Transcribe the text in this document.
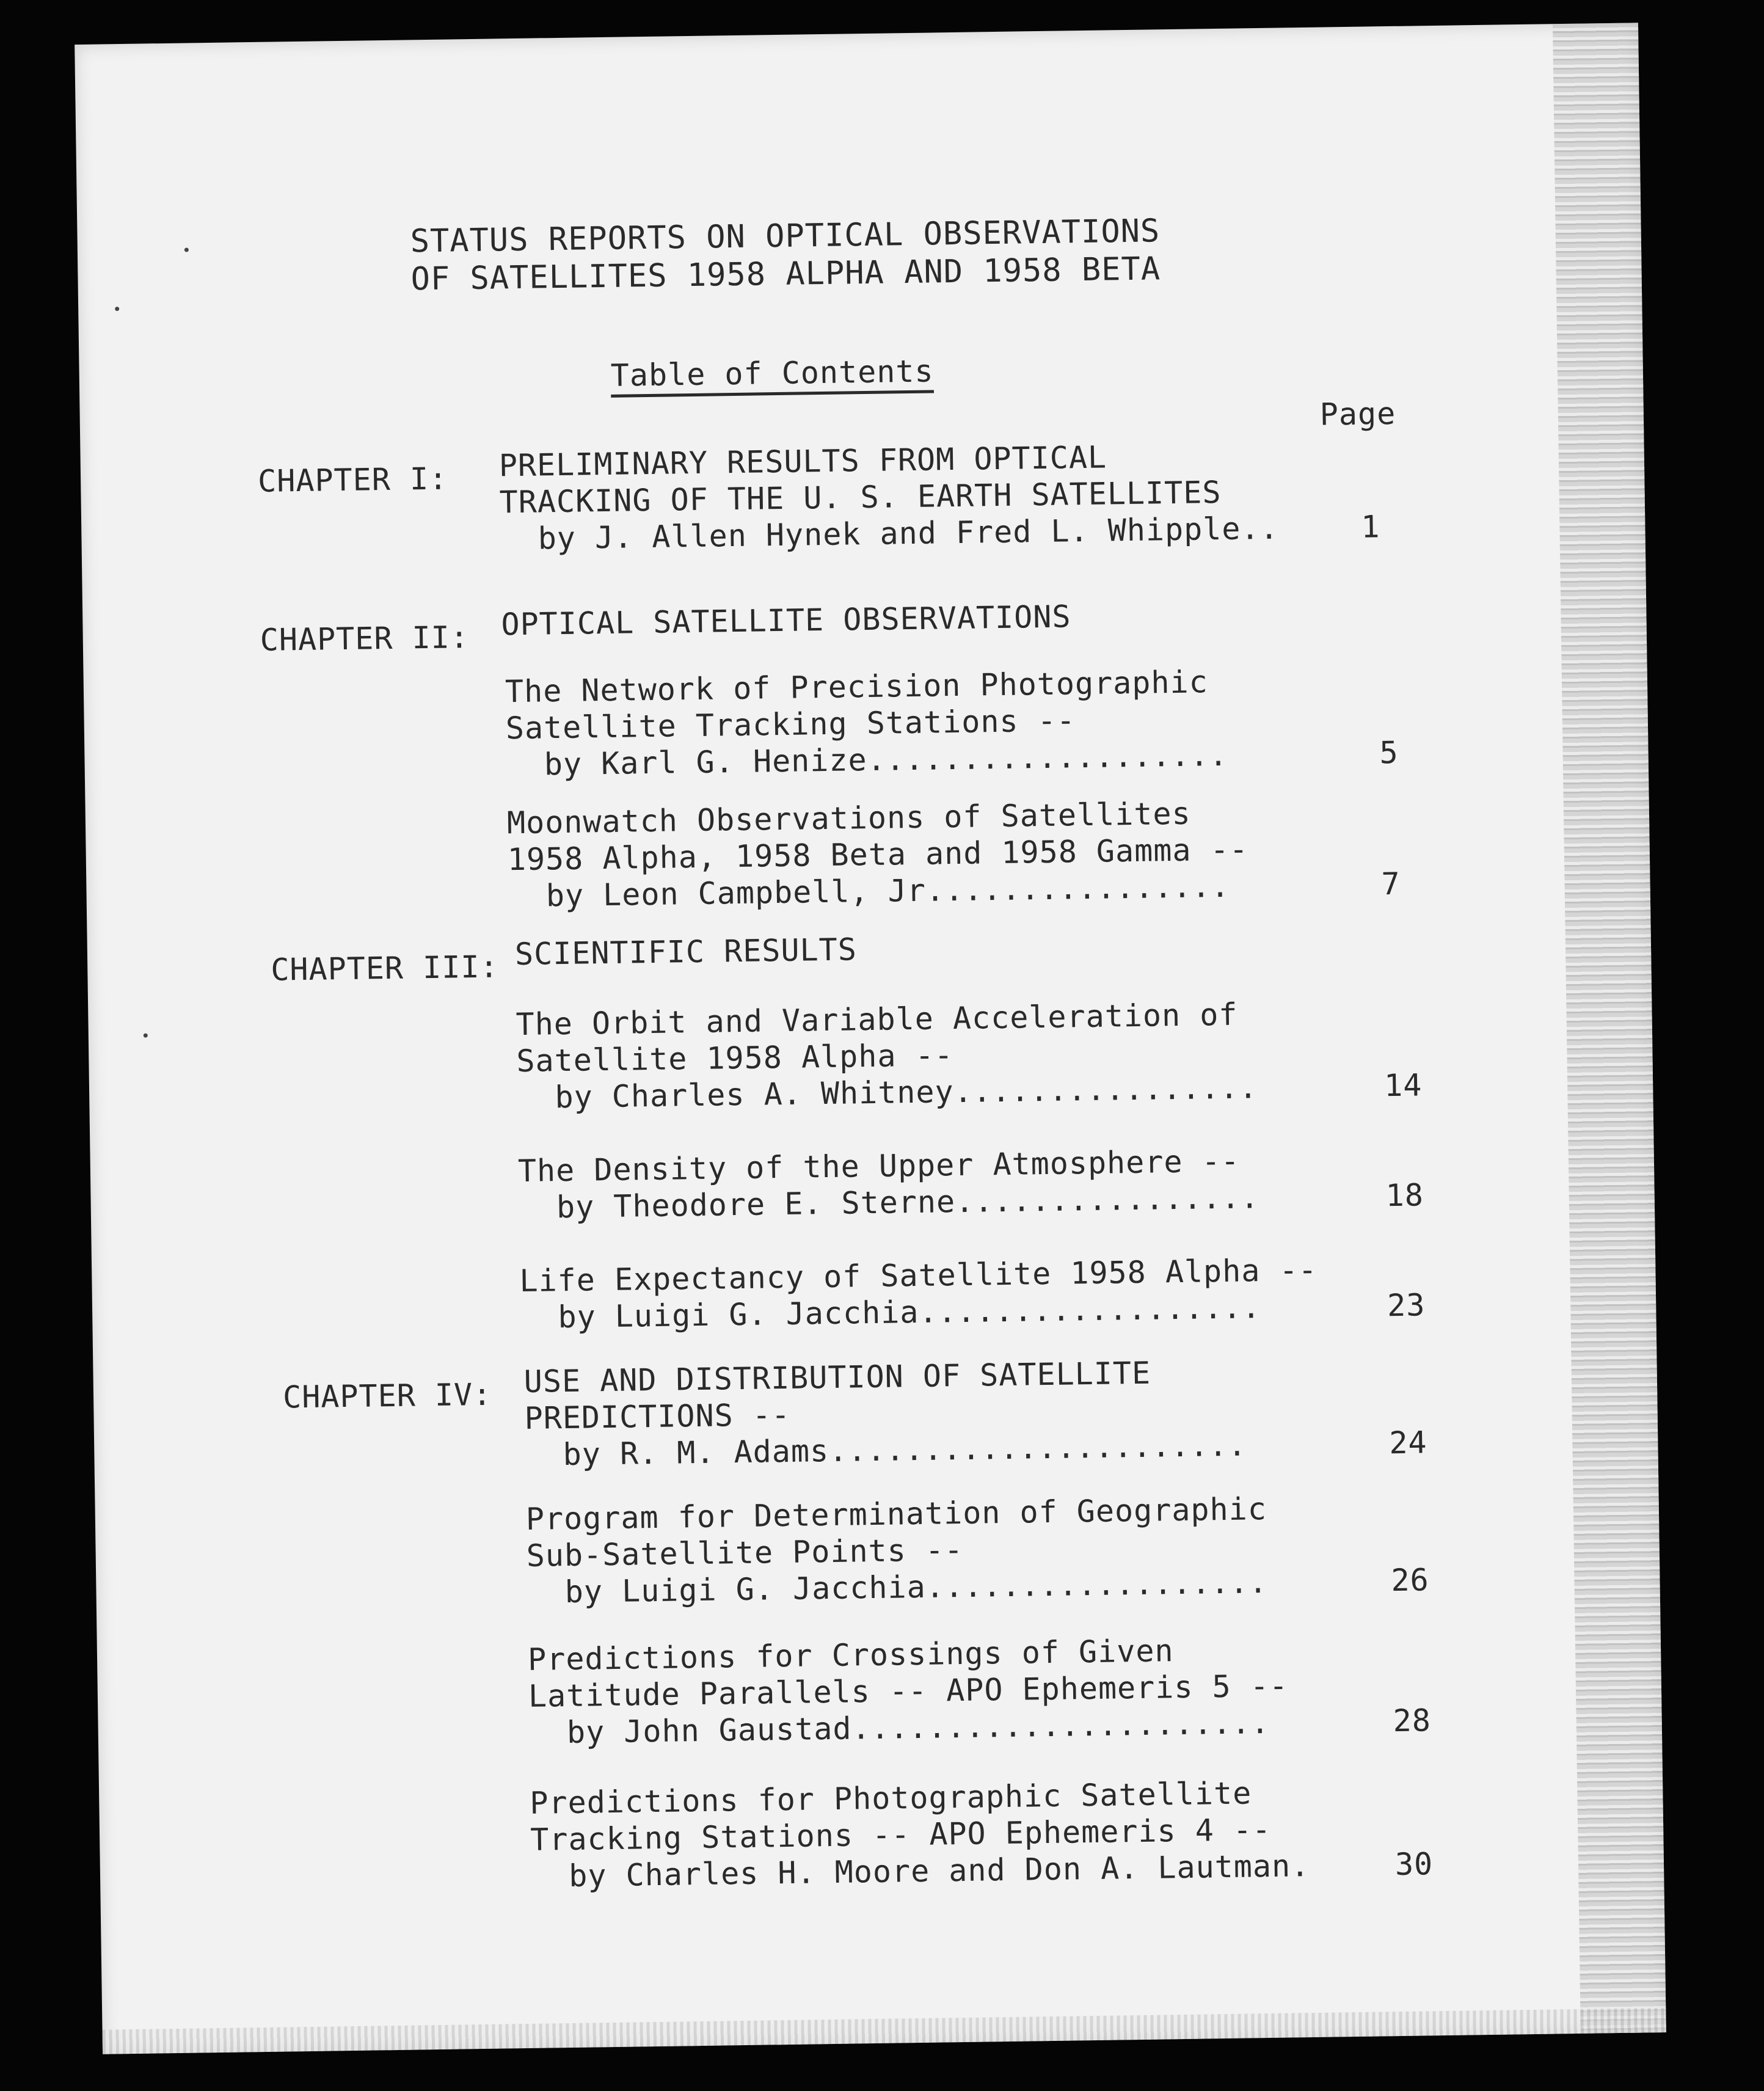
STATUS REPORTS ON OPTICAL OBSERVATIONS
OF SATELLITES 1958 ALPHA AND 1958 BETA
Table of Contents
Page
CHAPTER I: PRELIMINARY RESULTS FROM OPTICAL
TRACKING OF THE U. S. EARTH SATELLITES
by J. Allen Hynek and Fred L. Whipple..	1
CHAPTER II: OPTICAL SATELLITE OBSERVATIONS
The Network of Precision Photographic
Satellite Tracking Stations --
by Karl G. Henize...................	5
Moonwatch Observations of Satellites
1958 Alpha, 1958 Beta and 1958 Gamma --
by Leon Campbell, Jr................	7
CHAPTER III: SCIENTIFIC RESULTS
The Orbit and Variable Acceleration of
Satellite 1958 Alpha --
by Charles A. Whitney................	14
The Density of the Upper Atmosphere --
by Theodore E. Sterne................	18
Life Expectancy of Satellite 1958 Alpha --
by Luigi G. Jacchia..................	23
CHAPTER IV: USE AND DISTRIBUTION OF SATELLITE
PREDICTIONS --
by R. M. Adams......................	24
Program for Determination of Geographic
Sub-Satellite Points --
by Luigi G. Jacchia..................	26
Predictions for Crossings of Given
Latitude Parallels -- APO Ephemeris 5 --
by John Gaustad......................	28
Predictions for Photographic Satellite
Tracking Stations -- APO Ephemeris 4 --
by Charles H. Moore and Don A. Lautman.	30
